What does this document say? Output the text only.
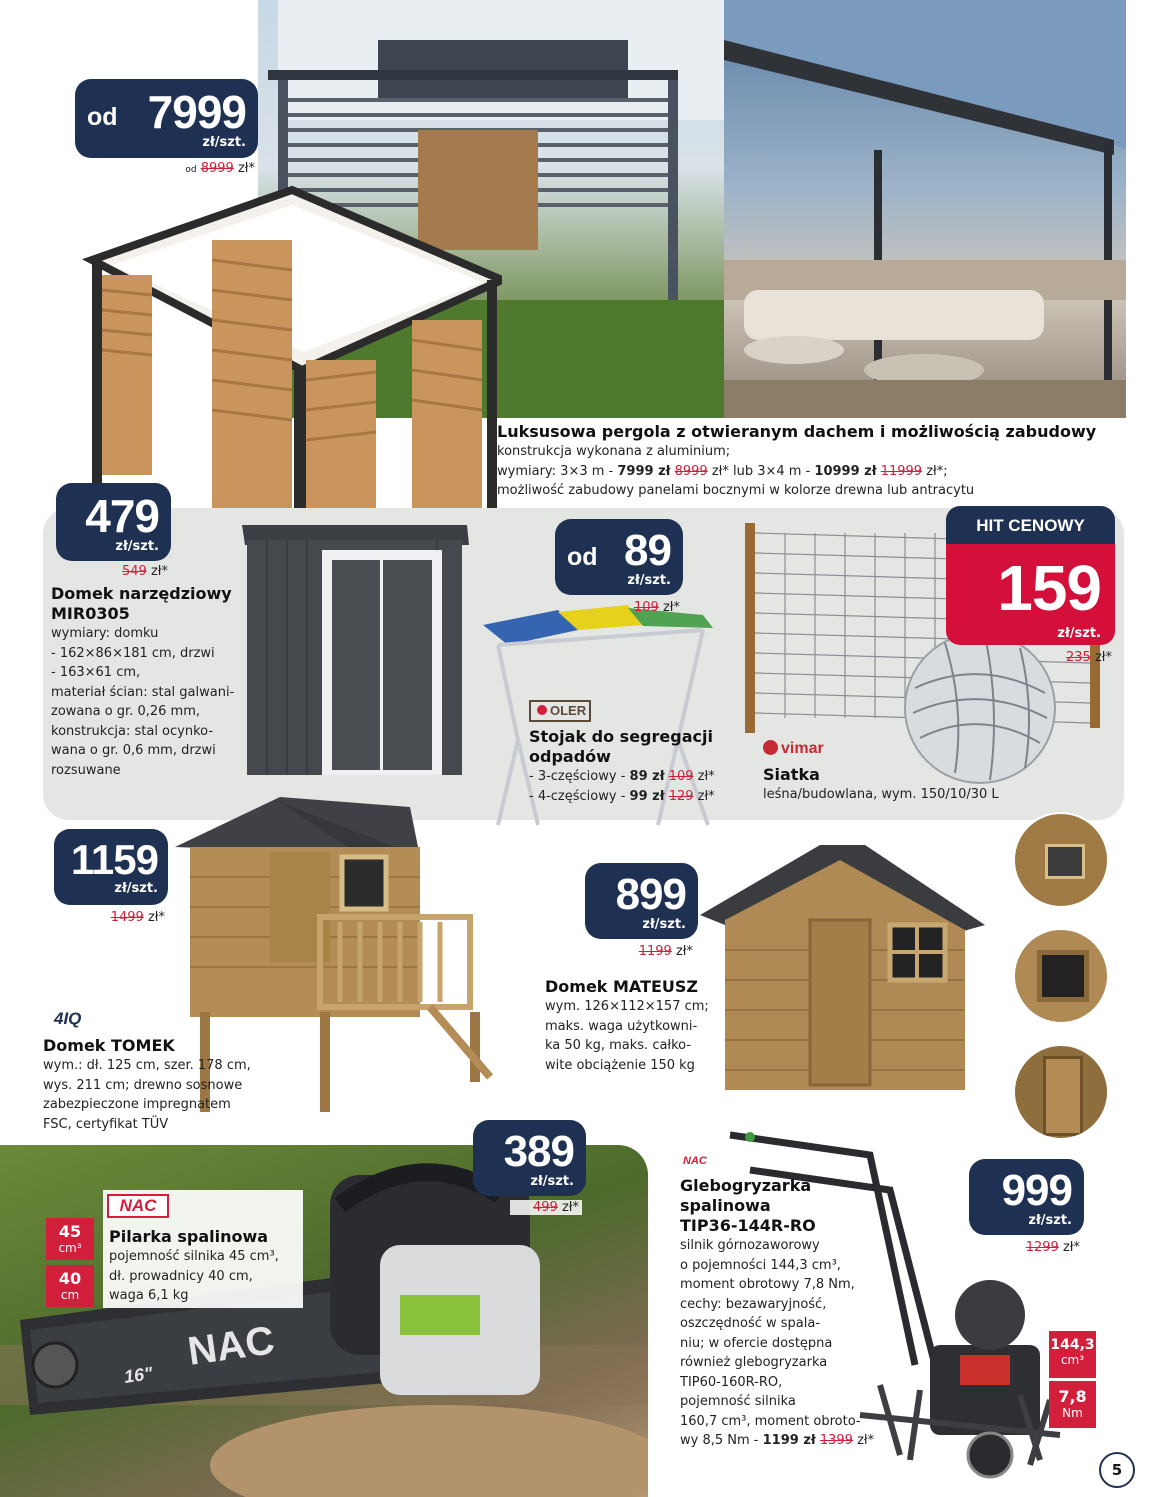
od 7999
zł/szt.
od 8999 zł*
Luksusowa pergola z otwieranym dachem i możliwością zabudowy
konstrukcja wykonana z aluminium;
wymiary: 3×3 m - 7999 zł 8999 zł* lub 3×4 m - 10999 zł 11999 zł*;
możliwość zabudowy panelami bocznymi w kolorze drewna lub antracytu
479
zł/szt.
549 zł*
Domek narzędziowy
MIR0305
wymiary: domku
- 162×86×181 cm, drzwi
- 163×61 cm,
materiał ścian: stal galwani-
zowana o gr. 0,26 mm,
konstrukcja: stal ocynko-
wana o gr. 0,6 mm, drzwi
rozsuwane
od 89
zł/szt.
109 zł*
OLER
Stojak do segregacji
odpadów
- 3-częściowy - 89 zł 109 zł*
- 4-częściowy - 99 zł 129 zł*
HIT CENOWY
159
zł/szt.
235 zł*
vimar
Siatka
leśna/budowlana, wym. 150/10/30 L
1159
zł/szt.
1499 zł*
4IQ
Domek TOMEK
wym.: dł. 125 cm, szer. 178 cm,
wys. 211 cm; drewno sosnowe
zabezpieczone impregnatem
FSC, certyfikat TÜV
899
zł/szt.
1199 zł*
Domek MATEUSZ
wym. 126×112×157 cm;
maks. waga użytkowni-
ka 50 kg, maks. całko-
wite obciążenie 150 kg
NAC
16"
389
zł/szt.
499 zł*
NAC
Pilarka spalinowa
pojemność silnika 45 cm³,
dł. prowadnicy 40 cm,
waga 6,1 kg
45
cm³
40
cm
NAC
999
zł/szt.
1299 zł*
Glebogryzarka
spalinowa
TIP36-144R-RO
silnik górnozaworowy
o pojemności 144,3 cm³,
moment obrotowy 7,8 Nm,
cechy: bezawaryjność,
oszczędność w spala-
niu; w ofercie dostępna
również glebogryzarka
TIP60-160R-RO,
pojemność silnika
160,7 cm³, moment obroto-
wy 8,5 Nm - 1199 zł 1399 zł*
144,3
cm³
7,8
Nm
5
